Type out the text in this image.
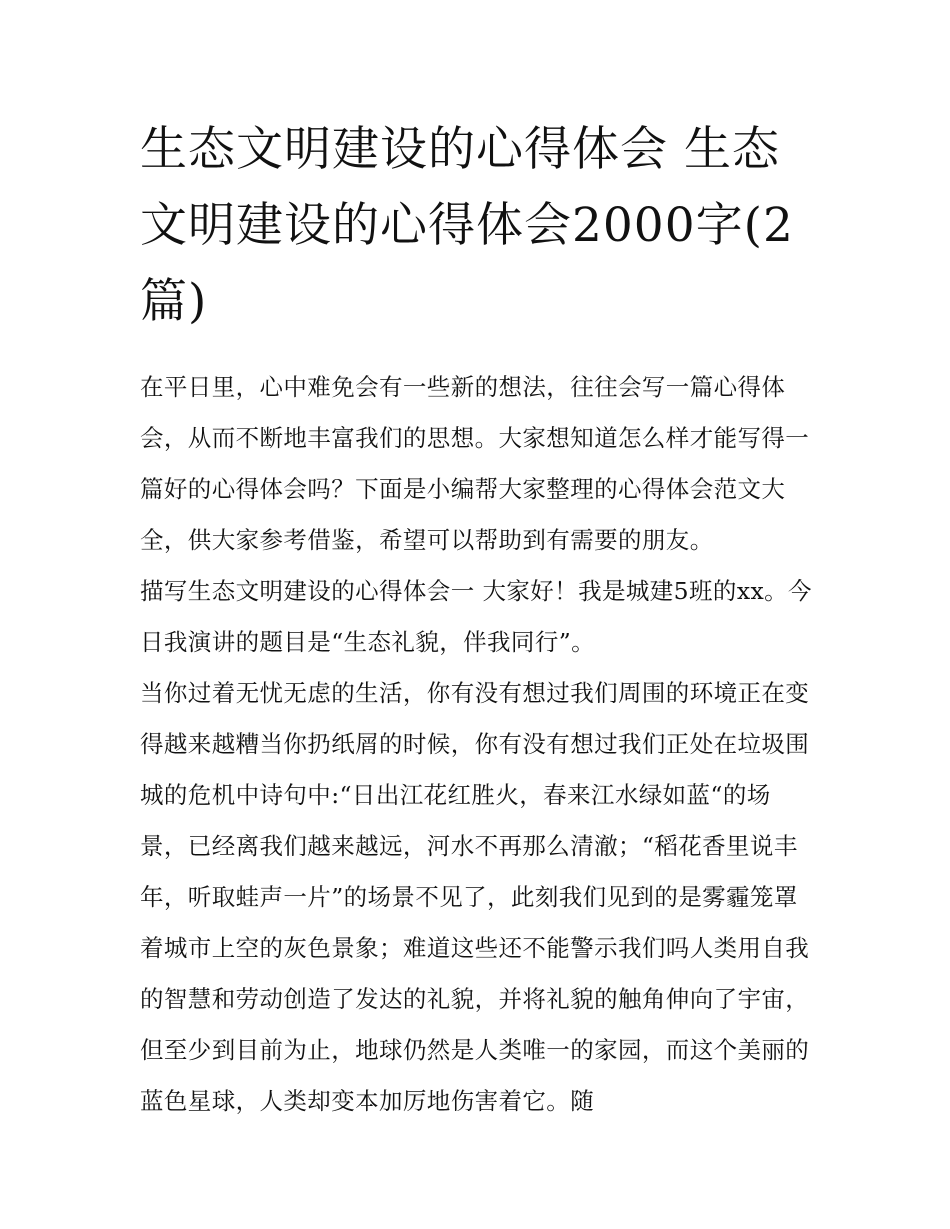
生态文明建设的心得体会 生态文明建设的心得体会2000字(2篇)

在平日里，心中难免会有一些新的想法，往往会写一篇心得体会，从而不断地丰富我们的思想。大家想知道怎么样才能写得一篇好的心得体会吗？下面是小编帮大家整理的心得体会范文大全，供大家参考借鉴，希望可以帮助到有需要的朋友。

描写生态文明建设的心得体会一 大家好！我是城建5班的xx。今日我演讲的题目是“生态礼貌，伴我同行”。

当你过着无忧无虑的生活，你有没有想过我们周围的环境正在变得越来越糟当你扔纸屑的时候，你有没有想过我们正处在垃圾围城的危机中诗句中:“日出江花红胜火，春来江水绿如蓝“的场景，已经离我们越来越远，河水不再那么清澈；“稻花香里说丰年，听取蛙声一片”的场景不见了，此刻我们见到的是雾霾笼罩着城市上空的灰色景象；难道这些还不能警示我们吗人类用自我的智慧和劳动创造了发达的礼貌，并将礼貌的触角伸向了宇宙，但至少到目前为止，地球仍然是人类唯一的家园，而这个美丽的蓝色星球，人类却变本加厉地伤害着它。随
